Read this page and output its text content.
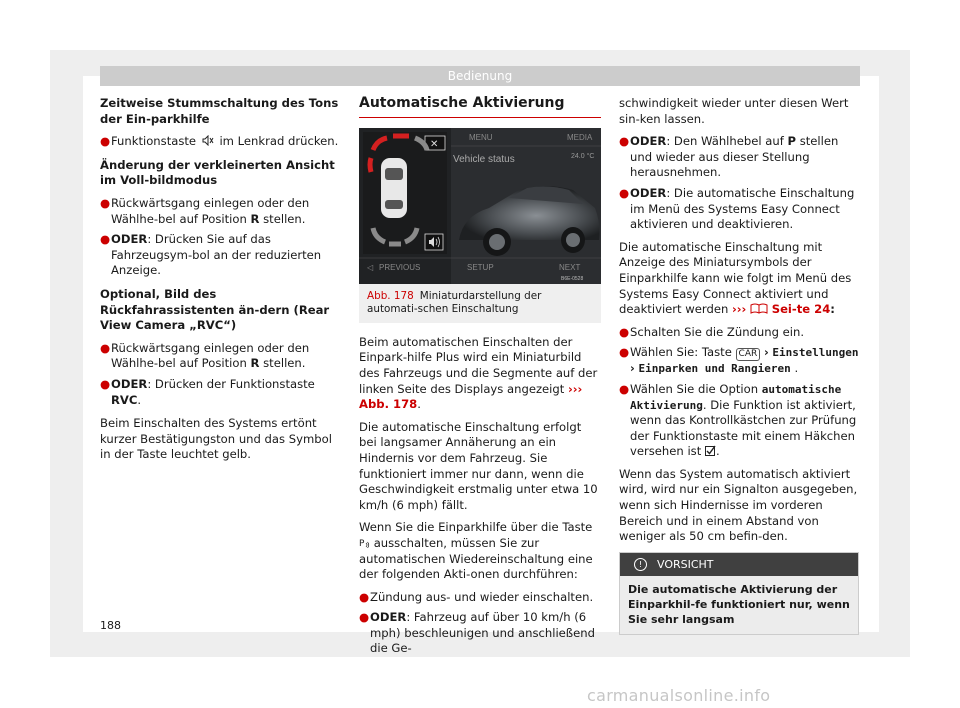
Bedienung

Zeitweise Stummschaltung des Tons der Ein-parkhilfe

● Funktionstaste im Lenkrad drücken.

Änderung der verkleinerten Ansicht im Voll-bildmodus

● Rückwärtsgang einlegen oder den Wählhe-bel auf Position R stellen.
● ODER: Drücken Sie auf das Fahrzeugsym-bol an der reduzierten Anzeige.

Optional, Bild des Rückfahrassistenten än-dern (Rear View Camera „RVC“)

● Rückwärtsgang einlegen oder den Wählhe-bel auf Position R stellen.
● ODER: Drücken der Funktionstaste RVC.

Beim Einschalten des Systems ertönt kurzer Bestätigungston und das Symbol in der Taste leuchtet gelb.

Automatische Aktivierung

MENU	MEDIA
Vehicle status	24.0 °C
◁ PREVIOUS	SETUP	NEXT
B6E-0528
✕
Abb. 178 Miniaturdarstellung der automati-schen Einschaltung

Beim automatischen Einschalten der Einpark-hilfe Plus wird ein Miniaturbild des Fahrzeugs und die Segmente auf der linken Seite des Displays angezeigt ››› Abb. 178.

Die automatische Einschaltung erfolgt bei langsamer Annäherung an ein Hindernis vor dem Fahrzeug. Sie funktioniert immer nur dann, wenn die Geschwindigkeit erstmalig unter etwa 10 km/h (6 mph) fällt.

Wenn Sie die Einparkhilfe über die Taste
P ausschalten, müssen Sie zur automatischen Wiedereinschaltung eine der folgenden Akti-onen durchführen:

● Zündung aus- und wieder einschalten.
● ODER: Fahrzeug auf über 10 km/h (6 mph) beschleunigen und anschließend die Ge-

schwindigkeit wieder unter diesen Wert sin-ken lassen.

● ODER: Den Wählhebel auf P stellen und wieder aus dieser Stellung herausnehmen.
● ODER: Die automatische Einschaltung im Menü des Systems Easy Connect aktivieren und deaktivieren.

Die automatische Einschaltung mit Anzeige des Miniatursymbols der Einparkhilfe kann wie folgt im Menü des Systems Easy Connect aktiviert und deaktiviert werden ››› Sei-te 24:

● Schalten Sie die Zündung ein.
● Wählen Sie: Taste CAR › Einstellungen › Einparken und Rangieren .
● Wählen Sie die Option automatische Aktivierung. Die Funktion ist aktiviert, wenn das Kontrollkästchen zur Prüfung der Funktionstaste mit einem Häkchen versehen ist .

Wenn das System automatisch aktiviert wird, wird nur ein Signalton ausgegeben, wenn sich Hindernisse im vorderen Bereich und in einem Abstand von weniger als 50 cm befin-den.

!	VORSICHT
Die automatische Aktivierung der Einparkhil-fe funktioniert nur, wenn Sie sehr langsam
188
carmanualsonline.info
